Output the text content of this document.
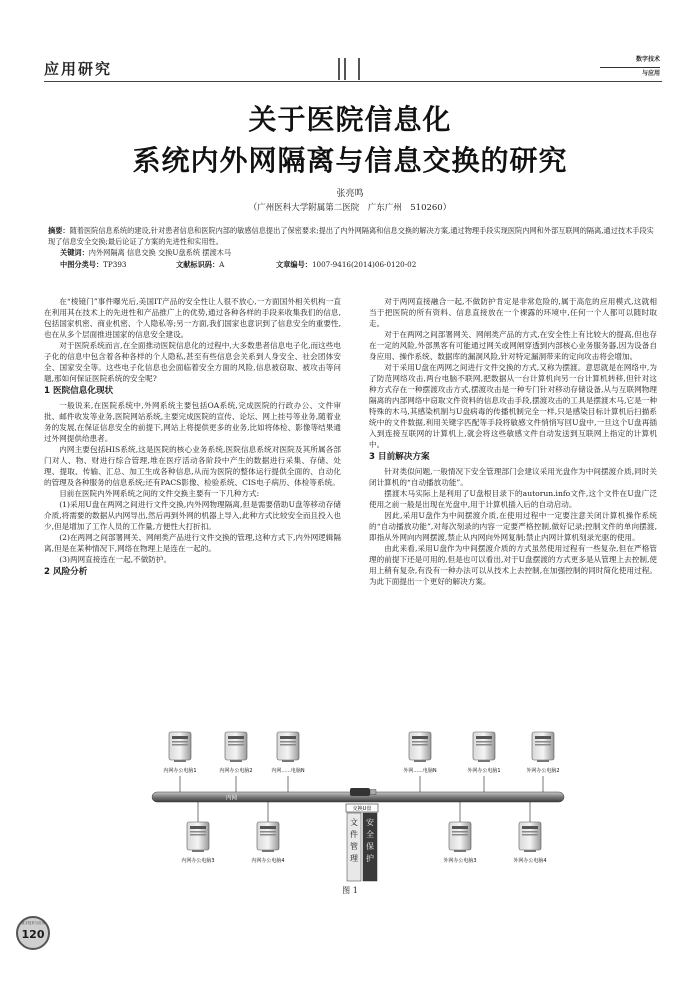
应用研究
数字技术
与应用
关于医院信息化
系统内外网隔离与信息交换的研究
张亮鸣
（广州医科大学附属第二医院　广东广州　510260）
摘要：随着医院信息系统的建设,针对患者信息和医院内部的敏感信息提出了保密要求;提出了内外网隔离和信息交换的解决方案,通过物理手段实现医院内网和外部互联网的隔离,通过技术手段实现了信息安全交换;最后论证了方案的先进性和实用性。
关键词：内外网隔离 信息交换 交换U盘系统 摆渡木马
中图分类号：TP393	文献标识码：A	文章编号：1007-9416(2014)06-0120-02

在“棱镜门”事件曝光后,美国IT产品的安全性让人很不放心,一方面国外相关机构一直在利用其在技术上的先进性和产品推广上的优势,通过各种各样的手段来收集我们的信息,包括国家机密、商业机密、个人隐私等;另一方面,我们国家也意识到了信息安全的重要性,也在从多个层面推进国家的信息安全建设。

对于医院系统而言,在全面推动医院信息化的过程中,大多数患者信息电子化,而这些电子化的信息中包含着各种各样的个人隐私,甚至有些信息会关系到人身安全、社会团体安全、国家安全等。这些电子化信息也会面临着安全方面的风险,信息被窃取、被攻击等问题,那如何保证医院系统的安全呢?

1 医院信息化现状

一般说来,在医院系统中,外网系统主要包括OA系统,完成医院的行政办公、文件审批、邮件收发等业务,医院网站系统,主要完成医院的宣传、论坛、网上挂号等业务,随着业务的发展,在保证信息安全的前提下,网站上将提供更多的业务,比如将体检、影像等结果通过外网提供给患者。

内网主要包括HIS系统,这是医院的核心业务系统,医院信息系统对医院及其所属各部门对人、物、财进行综合管理,堆在医疗活动各阶段中产生的数据进行采集、存储、处理、提取、传输、汇总、加工生成各种信息,从而为医院的整体运行提供全面的、自动化的管理及各种服务的信息系统;还有PACS影像、检验系统、CIS电子病历、体检等系统。

目前在医院内外网系统之间的文件交换主要有一下几种方式:

(1)采用U盘在两网之间进行文件交换,内外网物理隔离,但是需要借助U盘等移动存储介质,将需要的数据从内网导出,然后再到外网的机器上导入,此种方式比较安全而且投入也少,但是增加了工作人员的工作量,方便性大打折扣。

(2)在两网之间部署网关、网闸类产品进行文件交换的管理,这种方式下,内外网逻辑隔离,但是在某种情况下,网络在物理上是连在一起的。

(3)两网直接连在一起,不做防护。

2 风险分析

对于两网直接融合一起,不做防护肯定是非常危险的,属于高危的应用模式,这就相当于把医院的所有资料、信息直接放在一个裸露的环境中,任何一个人都可以随时取走。

对于在两网之间部署网关、网闸类产品的方式,在安全性上有比较大的提高,但也存在一定的风险,外部黑客有可能通过网关或网闸穿透到内部核心业务服务器,因为设备自身应用、操作系统、数据库的漏洞风险,针对特定漏洞带来的定向攻击将会增加。

对于采用U盘在两网之间进行文件交换的方式,又称为摆渡。意思就是在网络中,为了防范网络攻击,两台电脑不联网,把数据从一台计算机向另一台计算机转移,但针对这种方式存在一种摆渡攻击方式,摆渡攻击是一种专门针对移动存储设备,从与互联网物理隔离的内部网络中窃取文件资料的信息攻击手段,摆渡攻击的工具是摆渡木马,它是一种特殊的木马,其感染机制与U盘病毒的传播机制完全一样,只是感染目标计算机后扫描系统中的文件数据,利用关键字匹配等手段将敏感文件悄悄写回U盘中,一旦这个U盘再插入到连接互联网的计算机上,就会将这些敏感文件自动发送到互联网上指定的计算机中。

3 目前解决方案

针对类似问题,一般情况下安全管理部门会建议采用光盘作为中间摆渡介质,同时关闭计算机的“自动播放功能”。

摆渡木马实际上是利用了U盘根目录下的autorun.info文件,这个文件在U盘广泛使用之前一般是出现在光盘中,用于计算机插入后的自动启动。

因此,采用U盘作为中间摆渡介质,在使用过程中一定要注意关闭计算机操作系统的“自动播放功能”,对每次刻录的内容一定要严格控制,做好记录;控制文件的单向摆渡,即指从外网向内网摆渡,禁止从内网向外网复制;禁止内网计算机刻录光驱的使用。

由此来看,采用U盘作为中间摆渡介质的方式虽然使用过程有一些复杂,但在严格管理的前提下还是可用的,但是也可以看出,对于U盘摆渡的方式更多是从管理上去控制,使用上稍有复杂,有没有一种办法可以从技术上去控制,在加强控制的同时简化使用过程。为此下面提出一个更好的解决方案。

内网办公电脑1	内网办公电脑2	内网......电脑N	外网......电脑N	外网办公电脑1	外网办公电脑2
内网
交换U盘
文件管理 安全保护
内网办公电脑3	内网办公电脑4	外网办公电脑3	外网办公电脑4
图 1
数字技术与应用
120
